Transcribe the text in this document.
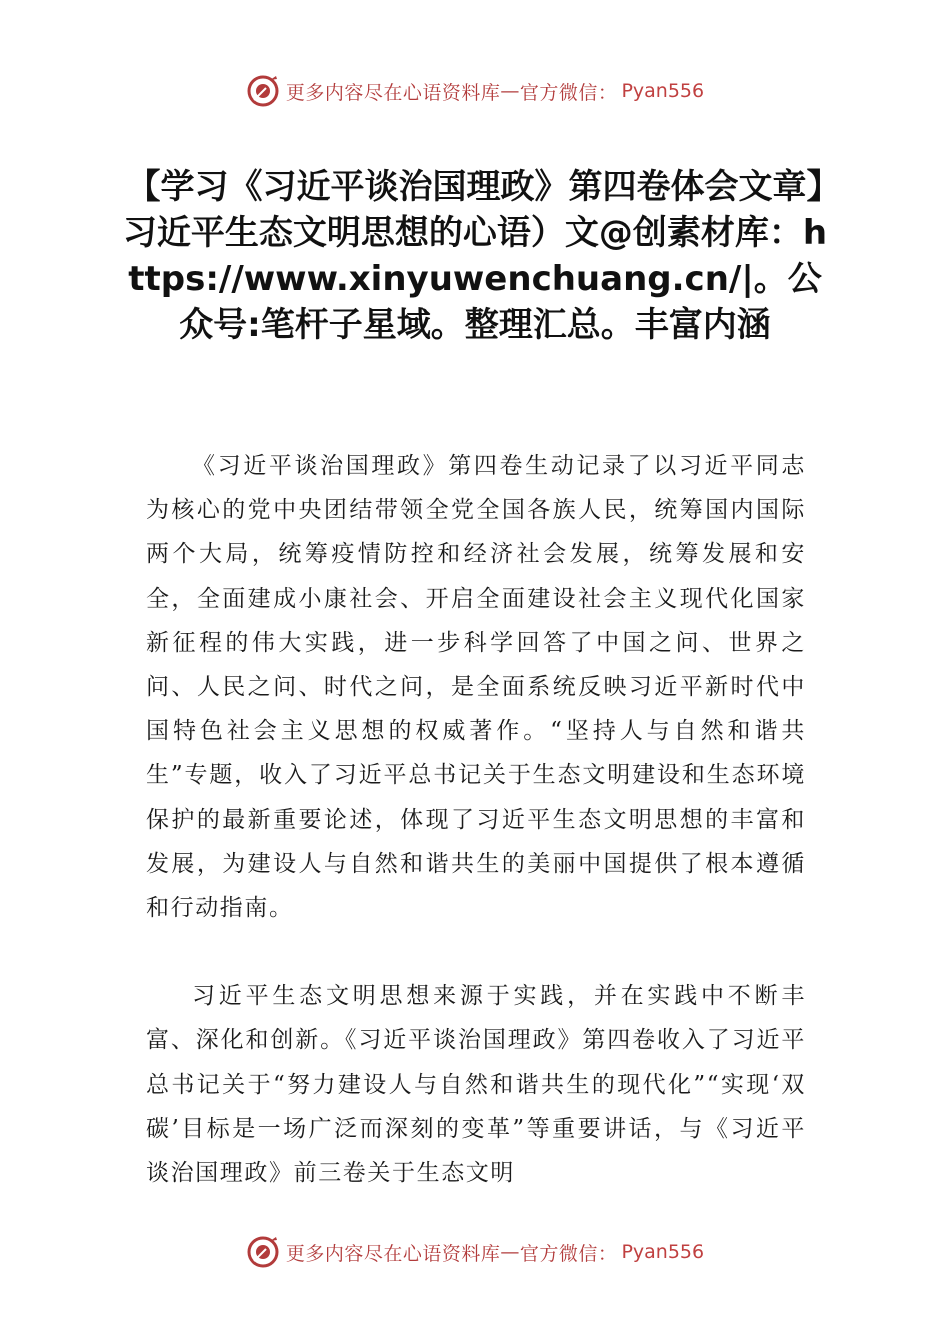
更多内容尽在心语资料库 — 官方微信： Pyan556
【学习《习近平谈治国理政》第四卷体会文章】习近平生态文明思想的心语）文@创素材库：https://www.xinyuwenchuang.cn/|。公众号:笔杆子星域。整理汇总。丰富内涵

《习近平谈治国理政》第四卷生动记录了以习近平同志为核心的党中央团结带领全党全国各族人民，统筹国内国际两个大局，统筹疫情防控和经济社会发展，统筹发展和安全，全面建成小康社会、开启全面建设社会主义现代化国家新征程的伟大实践，进一步科学回答了中国之问、世界之问、人民之问、时代之问，是全面系统反映习近平新时代中国特色社会主义思想的权威著作。“坚持人与自然和谐共生”专题，收入了习近平总书记关于生态文明建设和生态环境保护的最新重要论述，体现了习近平生态文明思想的丰富和发展，为建设人与自然和谐共生的美丽中国提供了根本遵循和行动指南。

习近平生态文明思想来源于实践，并在实践中不断丰富、深化和创新。《习近平谈治国理政》第四卷收入了习近平总书记关于“努力建设人与自然和谐共生的现代化”“实现‘双碳’目标是一场广泛而深刻的变革”等重要讲话，与《习近平谈治国理政》前三卷关于生态文明

更多内容尽在心语资料库 — 官方微信： Pyan556
